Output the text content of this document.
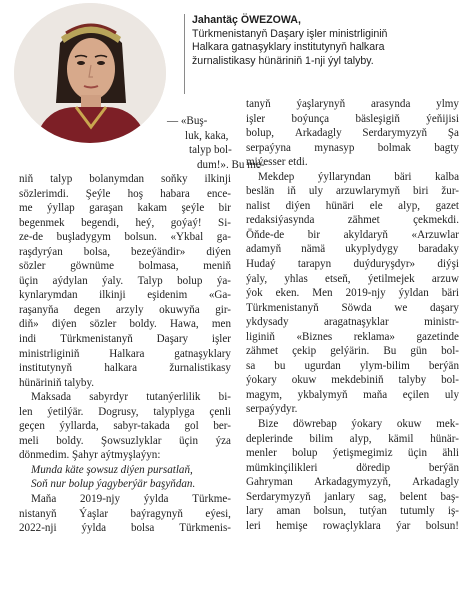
Jahantäç ÖWEZOWA,
Türkmenistanyň Daşary işler ministrliginiň
Halkara gatnaşyklary institutynyň halkara
žurnalistikasy hünäriniň 1-nji ýyl talyby.
— «Buş-
luk, kaka,
talyp bol-
dum!». Bu me-
niň talyp bolanymdan soňky ilkinji
sözlerimdi. Şeýle hoş habara ence-
me ýyllap garaşan kakam şeýle bir
begenmek begendi, heý, goýaý! Si-
ze-de buşladygym bolsun. «Ykbal ga-
raşdyrýan bolsa, bezeýändir» diýen
sözler göwnüme bolmasa, meniň
üçin aýdylan ýaly. Talyp bolup ýa-
kynlarymdan ilkinji eşidenim «Ga-
raşanyňa degen arzyly okuwyňa gir-
diň» diýen sözler boldy. Hawa, men
indi Türkmenistanyň Daşary işler
ministrliginiň	Halkara	gatnaşyklary
institutynyň	halkara	žurnalistikasy
hünäriniň talyby.
Maksada sabyrdyr tutanýerlilik bi-
len ýetilýär. Dogrusy, talyplyga çenli
geçen ýyllarda, sabyr-takada gol ber-
meli boldy. Şowsuzlyklar üçin ýza
dönmedim. Şahyr aýtmyşlaýyn:
Munda käte şowsuz diýen pursatlaň,
Soň nur bolup ýagyberýär başyňdan.
Maňa 2019-njy ýylda Türkme-
nistanyň Ýaşlar baýragynyň eýesi,
2022-nji ýylda bolsa Türkmenis-
tanyň ýaşlarynyň arasynda ylmy
işler boýunça bäsleşigiň ýeňijisi
bolup, Arkadagly Serdarymyzyň Şa
serpaýyna mynasyp bolmak bagty
miýesser etdi.
Mekdep ýyllaryndan bäri kalba
beslän iň uly arzuwlarymyň biri žur-
nalist diýen hünäri ele alyp, gazet
redaksiýasynda	zähmet	çekmekdi.
Öňde-de bir akyldaryň «Arzuwlar
adamyň nämä ukyplydygy baradaky
Hudaý tarapyn duýduryşdyr» diýşi
ýaly, yhlas etseň, ýetilmejek arzuw
ýok eken. Men 2019-njy ýyldan bäri
Türkmenistanyň Söwda we daşary
ykdysady	aragatnaşyklar	ministr-
liginiň «Biznes reklama» gazetinde
zähmet çekip gelýärin. Bu gün bol-
sa bu ugurdan ylym-bilim berýän
ýokary okuw mekdebiniň talyby bol-
magym, ykbalymyň maňa eçilen uly
serpaýydyr.
Bize döwrebap ýokary okuw mek-
deplerinde bilim alyp, kämil hünär-
menler bolup ýetişmegimiz üçin ähli
mümkinçilikleri	döredip	berýän
Gahryman Arkadagymyzyň, Arkadagly
Serdarymyzyň janlary sag, belent baş-
lary aman bolsun, tutýan tutumly iş-
leri hemişe rowaçlyklara ýar bolsun!
